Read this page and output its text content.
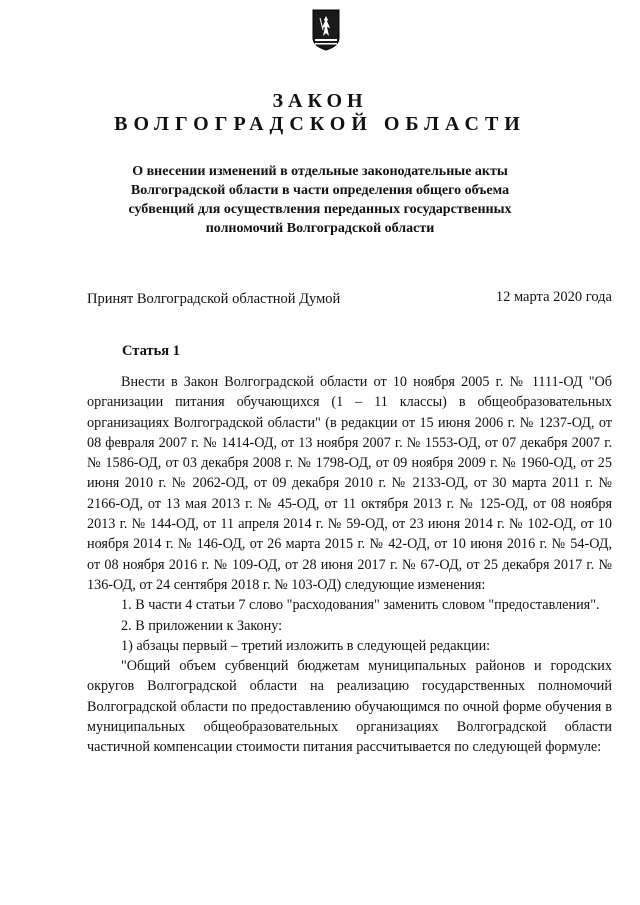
ЗАКОН
ВОЛГОГРАДСКОЙ ОБЛАСТИ
О внесении изменений в отдельные законодательные акты Волгоградской области в части определения общего объема субвенций для осуществления переданных государственных полномочий Волгоградской области
Принят Волгоградской областной Думой	12 марта 2020 года
Статья 1

Внести в Закон Волгоградской области от 10 ноября 2005 г. № 1111-ОД "Об организации питания обучающихся (1 – 11 классы) в общеобразовательных организациях Волгоградской области" (в редакции от 15 июня 2006 г. № 1237-ОД, от 08 февраля 2007 г. № 1414-ОД, от 13 ноября 2007 г. № 1553-ОД, от 07 декабря 2007 г. № 1586-ОД, от 03 декабря 2008 г. № 1798-ОД, от 09 ноября 2009 г. № 1960-ОД, от 25 июня 2010 г. № 2062-ОД, от 09 декабря 2010 г. № 2133-ОД, от 30 марта 2011 г. № 2166-ОД, от 13 мая 2013 г. № 45-ОД, от 11 октября 2013 г. № 125-ОД, от 08 ноября 2013 г. № 144-ОД, от 11 апреля 2014 г. № 59-ОД, от 23 июня 2014 г. № 102-ОД, от 10 ноября 2014 г. № 146-ОД, от 26 марта 2015 г. № 42-ОД, от 10 июня 2016 г. № 54-ОД, от 08 ноября 2016 г. № 109-ОД, от 28 июня 2017 г. № 67-ОД, от 25 декабря 2017 г. № 136-ОД, от 24 сентября 2018 г. № 103-ОД) следующие изменения:

1. В части 4 статьи 7 слово "расходования" заменить словом "предоставления".

2. В приложении к Закону:

1) абзацы первый – третий изложить в следующей редакции:

"Общий объем субвенций бюджетам муниципальных районов и городских округов Волгоградской области на реализацию государственных полномочий Волгоградской области по предоставлению обучающимся по очной форме обучения в муниципальных общеобразовательных организациях Волгоградской области частичной компенсации стоимости питания рассчитывается по следующей формуле:
